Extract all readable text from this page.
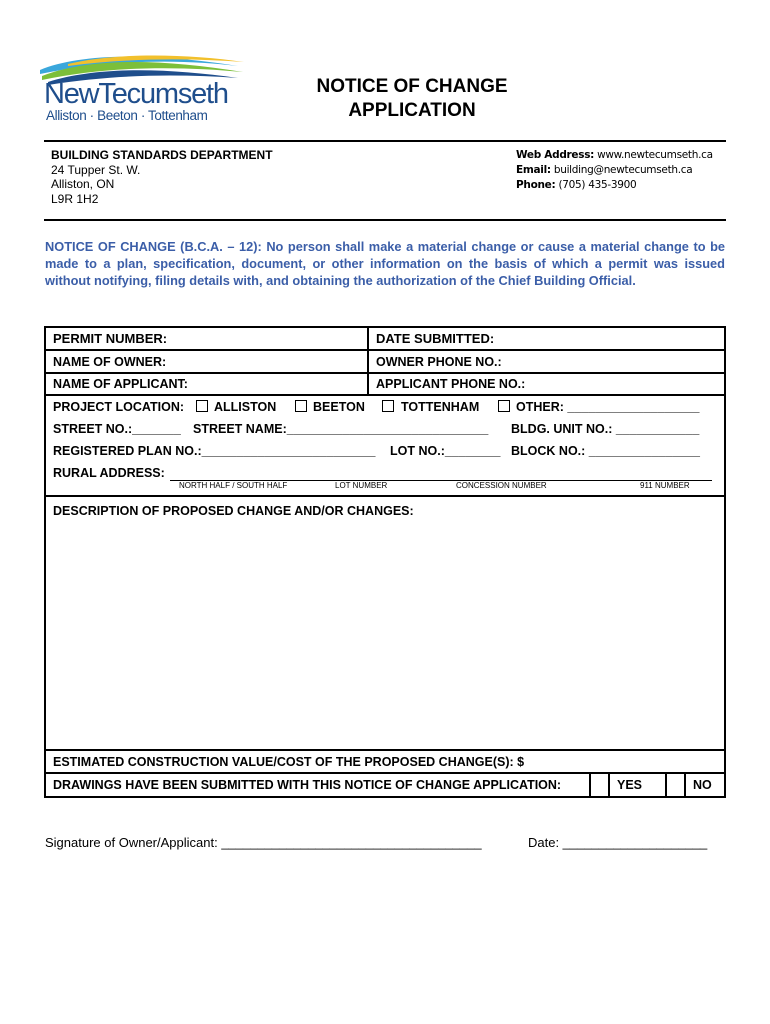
NewTecumseth
Alliston · Beeton · Tottenham
NOTICE OF CHANGE
APPLICATION
BUILDING STANDARDS DEPARTMENT
24 Tupper St. W.
Alliston, ON
L9R 1H2
Web Address: www.newtecumseth.ca
Email: building@newtecumseth.ca
Phone: (705) 435-3900
NOTICE OF CHANGE (B.C.A. – 12): No person shall make a material change or cause a material change to be made to a plan, specification, document, or other information on the basis of which a permit was issued without notifying, filing details with, and obtaining the authorization of the Chief Building Official.
PERMIT NUMBER:	DATE SUBMITTED:
NAME OF OWNER:	OWNER PHONE NO.:
NAME OF APPLICANT:	APPLICANT PHONE NO.:
PROJECT LOCATION: ALLISTON	BEETON	TOTTENHAM	OTHER: ___________________
STREET NO.:_______ STREET NAME:_____________________________ BLDG. UNIT NO.: ____________
REGISTERED PLAN NO.:_________________________ LOT NO.:________ BLOCK NO.: ________________
RURAL ADDRESS:
NORTH HALF / SOUTH HALF	LOT NUMBER	CONCESSION NUMBER	911 NUMBER
DESCRIPTION OF PROPOSED CHANGE AND/OR CHANGES:
ESTIMATED CONSTRUCTION VALUE/COST OF THE PROPOSED CHANGE(S): $
DRAWINGS HAVE BEEN SUBMITTED WITH THIS NOTICE OF CHANGE APPLICATION:	YES	NO
Signature of Owner/Applicant: ____________________________________	Date: ____________________
